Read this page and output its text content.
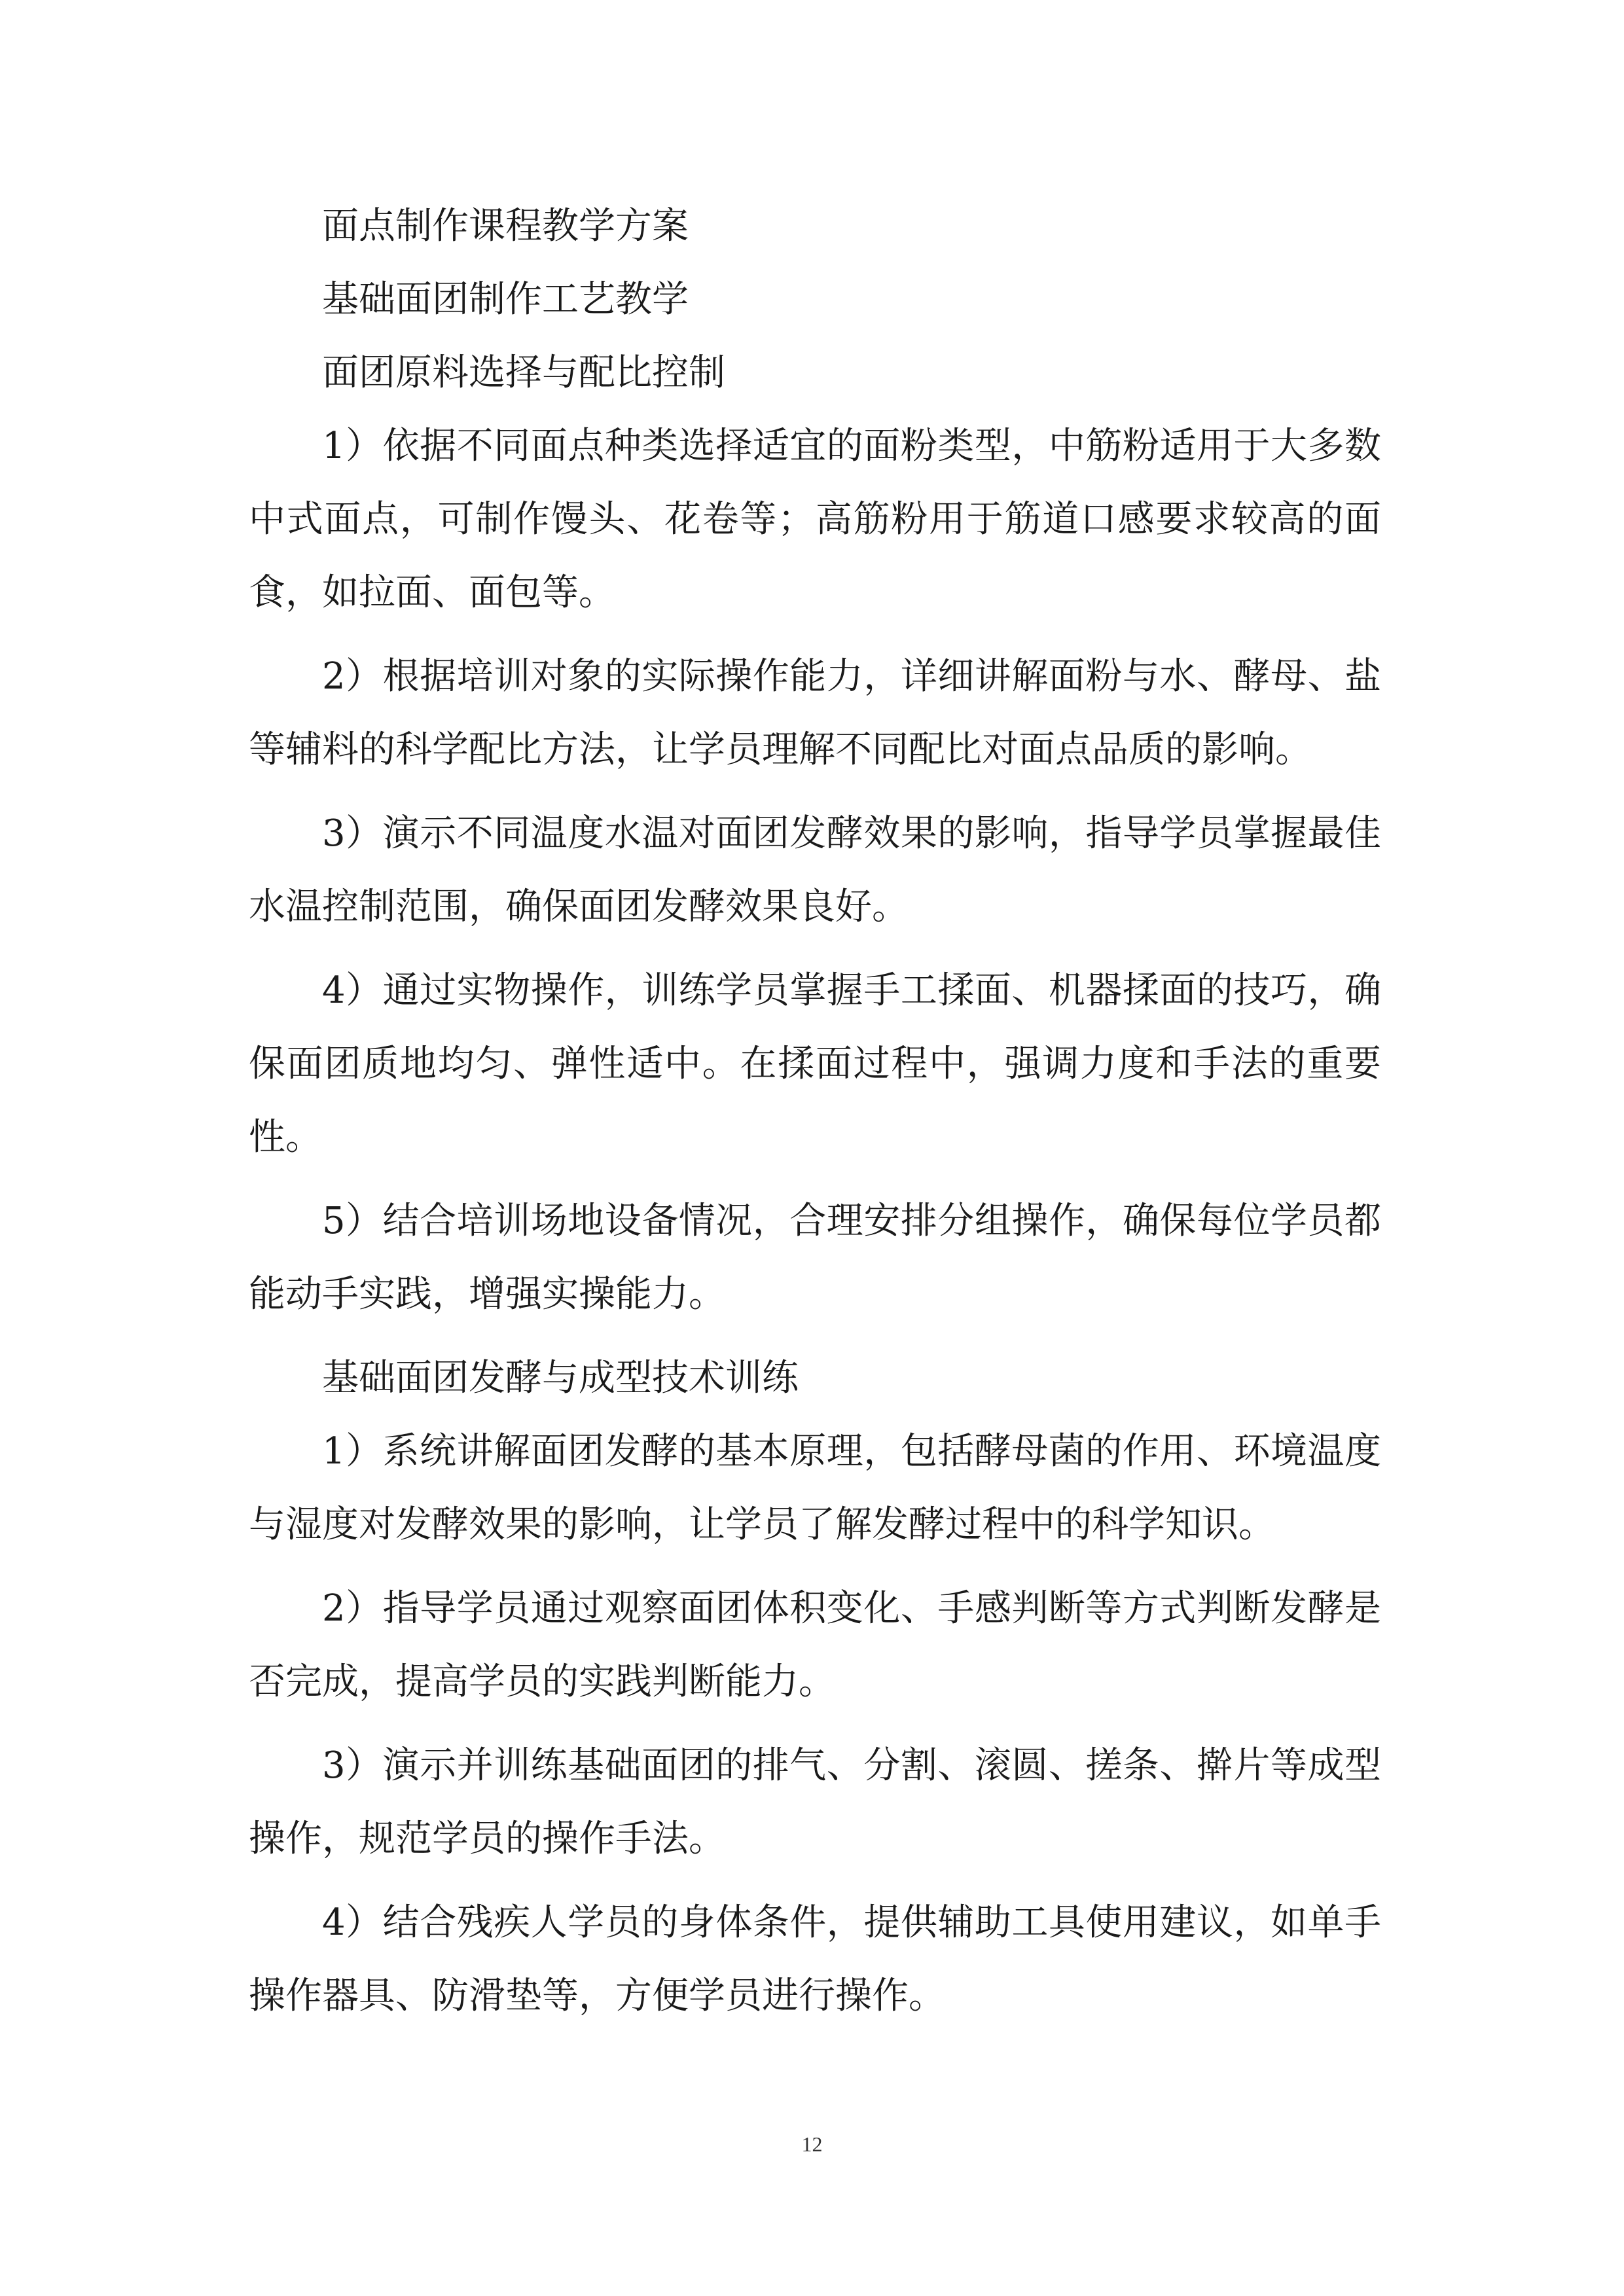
面点制作课程教学方案

基础面团制作工艺教学

面团原料选择与配比控制

1）依据不同面点种类选择适宜的面粉类型，中筋粉适用于大多数中式面点，可制作馒头、花卷等；高筋粉用于筋道口感要求较高的面食，如拉面、面包等。

2）根据培训对象的实际操作能力，详细讲解面粉与水、酵母、盐等辅料的科学配比方法，让学员理解不同配比对面点品质的影响。

3）演示不同温度水温对面团发酵效果的影响，指导学员掌握最佳水温控制范围，确保面团发酵效果良好。

4）通过实物操作，训练学员掌握手工揉面、机器揉面的技巧，确保面团质地均匀、弹性适中。在揉面过程中，强调力度和手法的重要性。

5）结合培训场地设备情况，合理安排分组操作，确保每位学员都能动手实践，增强实操能力。

基础面团发酵与成型技术训练

1）系统讲解面团发酵的基本原理，包括酵母菌的作用、环境温度与湿度对发酵效果的影响，让学员了解发酵过程中的科学知识。

2）指导学员通过观察面团体积变化、手感判断等方式判断发酵是否完成，提高学员的实践判断能力。

3）演示并训练基础面团的排气、分割、滚圆、搓条、擀片等成型操作，规范学员的操作手法。

4）结合残疾人学员的身体条件，提供辅助工具使用建议，如单手操作器具、防滑垫等，方便学员进行操作。

12
